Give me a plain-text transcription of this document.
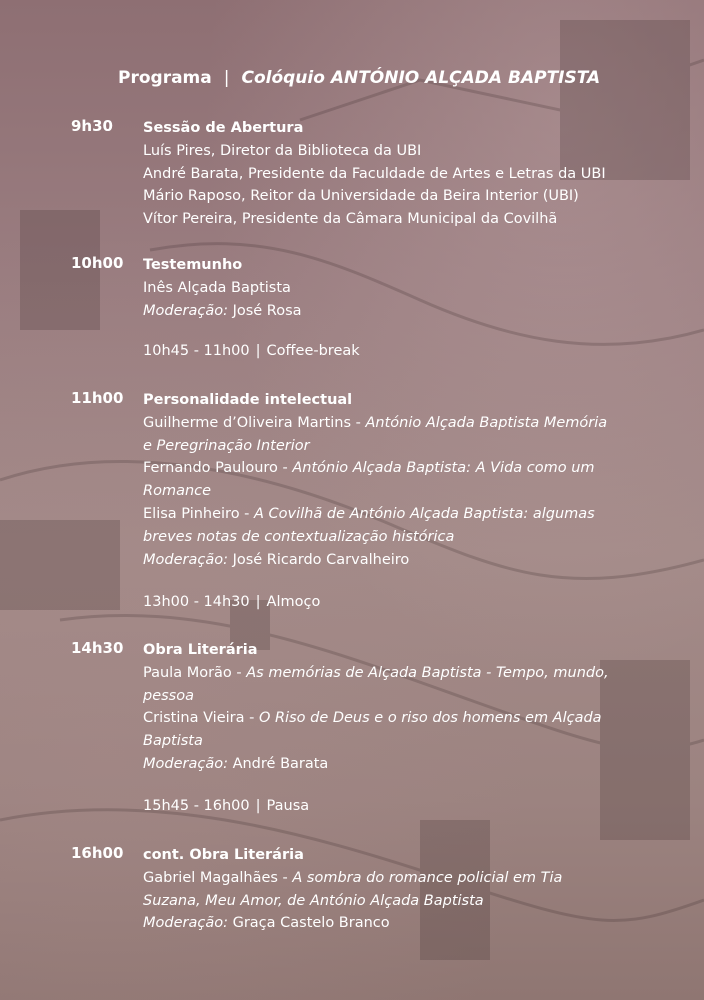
Programa | Colóquio ANTÓNIO ALÇADA BAPTISTA
9h30 Sessão de Abertura
Luís Pires, Diretor da Biblioteca da UBI
André Barata, Presidente da Faculdade de Artes e Letras da UBI
Mário Raposo, Reitor da Universidade da Beira Interior (UBI)
Vítor Pereira, Presidente da Câmara Municipal da Covilhã
10h00 Testemunho
Inês Alçada Baptista
Moderação: José Rosa
10h45 - 11h00 | Coffee-break
11h00 Personalidade intelectual
Guilherme d’Oliveira Martins - António Alçada Baptista Memória e Peregrinação Interior
Fernando Paulouro - António Alçada Baptista: A Vida como um Romance
Elisa Pinheiro - A Covilhã de António Alçada Baptista: algumas breves notas de contextualização histórica
Moderação: José Ricardo Carvalheiro
13h00 - 14h30 | Almoço
14h30 Obra Literária
Paula Morão - As memórias de Alçada Baptista - Tempo, mundo, pessoa
Cristina Vieira - O Riso de Deus e o riso dos homens em Alçada Baptista
Moderação: André Barata
15h45 - 16h00 | Pausa
16h00 cont. Obra Literária
Gabriel Magalhães - A sombra do romance policial em Tia Suzana, Meu Amor, de António Alçada Baptista
Moderação: Graça Castelo Branco
